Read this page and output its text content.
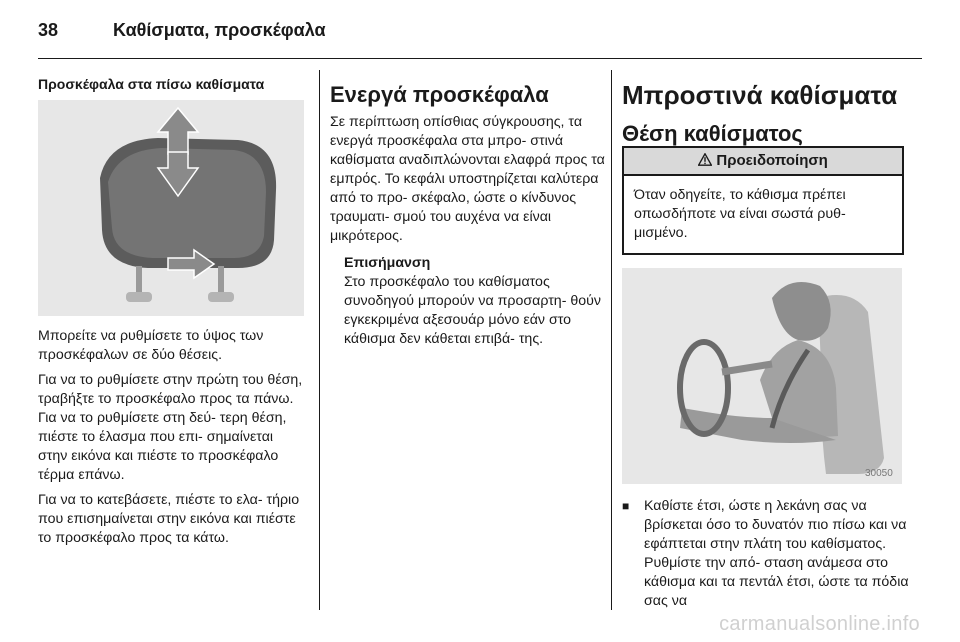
38	Καθίσματα, προσκέφαλα
Προσκέφαλα στα πίσω καθίσματα

Μπορείτε να ρυθμίσετε το ύψος των προσκέφαλων σε δύο θέσεις.

Για να το ρυθμίσετε στην πρώτη του θέση, τραβήξτε το προσκέφαλο προς τα πάνω. Για να το ρυθμίσετε στη δεύ- τερη θέση, πιέστε το έλασμα που επι- σημαίνεται στην εικόνα και πιέστε το προσκέφαλο τέρμα επάνω.

Για να το κατεβάσετε, πιέστε το ελα- τήριο που επισημαίνεται στην εικόνα και πιέστε το προσκέφαλο προς τα κάτω.

Ενεργά προσκέφαλα

Σε περίπτωση οπίσθιας σύγκρουσης, τα ενεργά προσκέφαλα στα μπρο- στινά καθίσματα αναδιπλώνονται ελαφρά προς τα εμπρός. Το κεφάλι υποστηρίζεται καλύτερα από το προ- σκέφαλο, ώστε ο κίνδυνος τραυματι- σμού του αυχένα να είναι μικρότερος.

Επισήμανση
Στο προσκέφαλο του καθίσματος συνοδηγού μπορούν να προσαρτη- θούν εγκεκριμένα αξεσουάρ μόνο εάν στο κάθισμα δεν κάθεται επιβά- της.
Μπροστινά καθίσματα
Θέση καθίσματος
Προειδοποίηση
Όταν οδηγείτε, το κάθισμα πρέπει οπωσδήποτε να είναι σωστά ρυθ- μισμένο.
30050
■	Καθίστε έτσι, ώστε η λεκάνη σας να βρίσκεται όσο το δυνατόν πιο πίσω και να εφάπτεται στην πλάτη του καθίσματος. Ρυθμίστε την από- σταση ανάμεσα στο κάθισμα και τα πεντάλ έτσι, ώστε τα πόδια σας να
carmanualsonline.info
